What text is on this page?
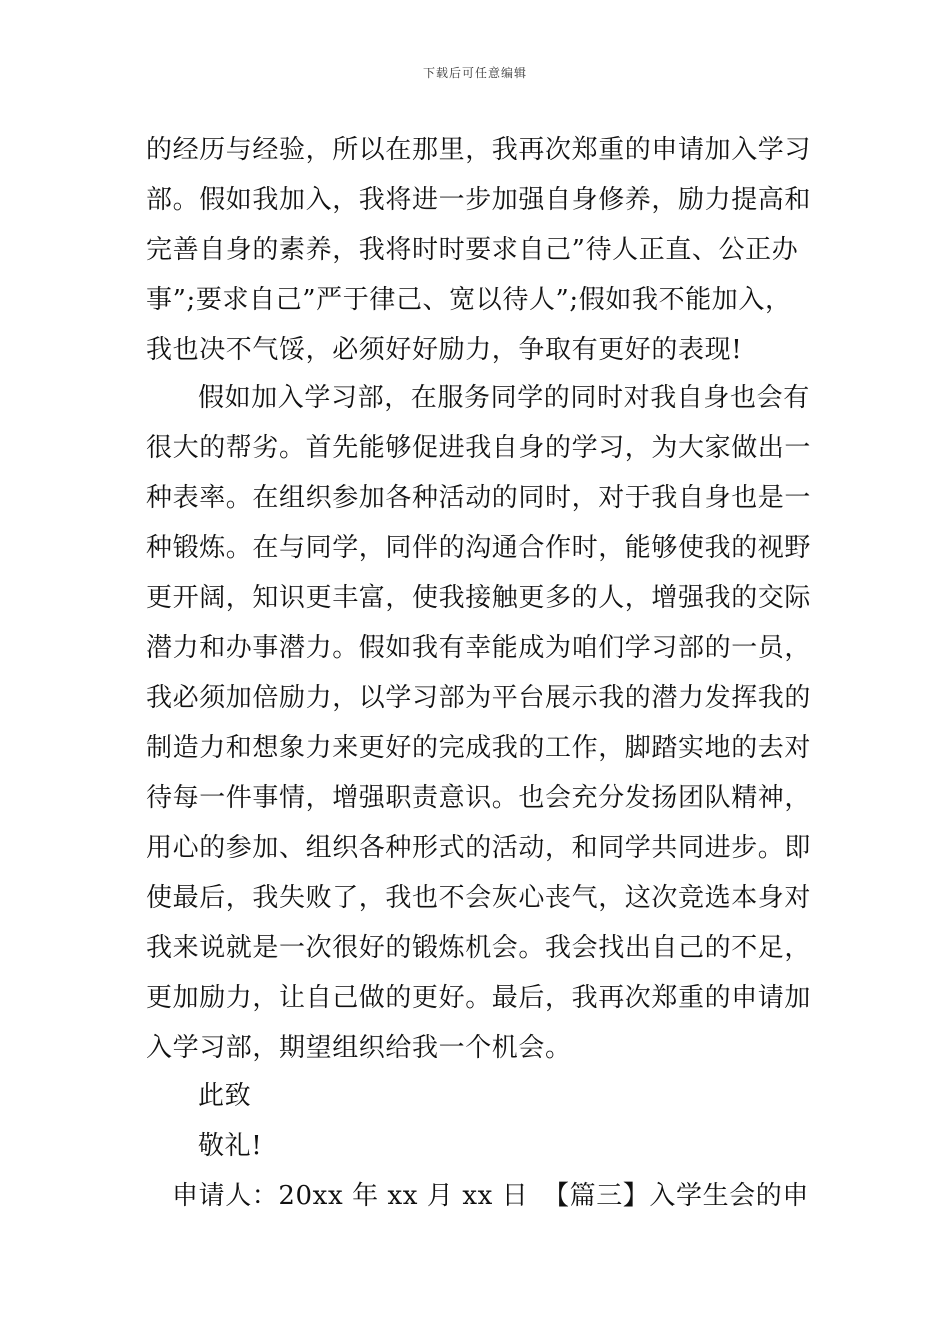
下载后可任意编辑
的经历与经验，所以在那里，我再次郑重的申请加入学习
部。假如我加入，我将进一步加强自身修养，励力提高和
完善自身的素养，我将时时要求自己”待人正直、公正办
事”;要求自己”严于律己、宽以待人”;假如我不能加入，
我也决不气馁，必须好好励力，争取有更好的表现!
假如加入学习部，在服务同学的同时对我自身也会有
很大的帮劣。首先能够促进我自身的学习，为大家做出一
种表率。在组织参加各种活动的同时，对于我自身也是一
种锻炼。在与同学，同伴的沟通合作时，能够使我的视野
更开阔，知识更丰富，使我接触更多的人，增强我的交际
潜力和办事潜力。假如我有幸能成为咱们学习部的一员，
我必须加倍励力，以学习部为平台展示我的潜力发挥我的
制造力和想象力来更好的完成我的工作，脚踏实地的去对
待每一件事情，增强职责意识。也会充分发扬团队精神，
用心的参加、组织各种形式的活动，和同学共同进步。即
使最后，我失败了，我也不会灰心丧气，这次竞选本身对
我来说就是一次很好的锻炼机会。我会找出自己的不足，
更加励力，让自己做的更好。最后，我再次郑重的申请加
入学习部，期望组织给我一个机会。
此致
敬礼!
申请人：20xx 年 xx 月 xx 日 【篇三】入学生会的申
